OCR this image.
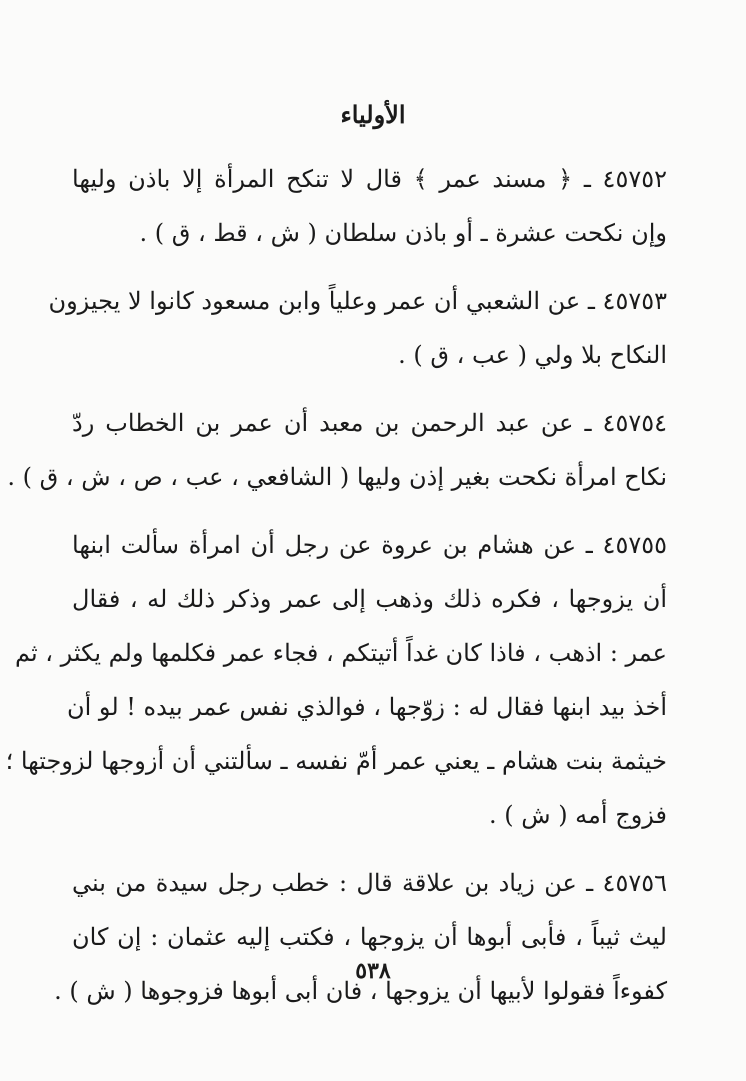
الأولياء
٤٥٧٥٢ ـ ﴿ مسند عمر ﴾ قال لا تنكح المرأة إلا باذن وليها
وإن نكحت عشرة ـ أو باذن سلطان ( ش ، قط ، ق ) .
٤٥٧٥٣ ـ عن الشعبي أن عمر وعلياً وابن مسعود كانوا لا يجيزون
النكاح بلا ولي ( عب ، ق ) .
٤٥٧٥٤ ـ عن عبد الرحمن بن معبد أن عمر بن الخطاب ردّ
نكاح امرأة نكحت بغير إذن وليها ( الشافعي ، عب ، ص ، ش ، ق ) .
٤٥٧٥٥ ـ عن هشام بن عروة عن رجل أن امرأة سألت ابنها
أن يزوجها ، فكره ذلك وذهب إلى عمر وذكر ذلك له ، فقال
عمر : اذهب ، فاذا كان غداً أتيتكم ، فجاء عمر فكلمها ولم يكثر ، ثم
أخذ بيد ابنها فقال له : زوّجها ، فوالذي نفس عمر بيده ! لو أن
خيثمة بنت هشام ـ يعني عمر أمّ نفسه ـ سألتني أن أزوجها لزوجتها ؛
فزوج أمه ( ش ) .
٤٥٧٥٦ ـ عن زياد بن علاقة قال : خطب رجل سيدة من بني
ليث ثيباً ، فأبى أبوها أن يزوجها ، فكتب إليه عثمان : إن كان
كفوءاً فقولوا لأبيها أن يزوجها ، فان أبى أبوها فزوجوها ( ش ) .
٥٣٨
